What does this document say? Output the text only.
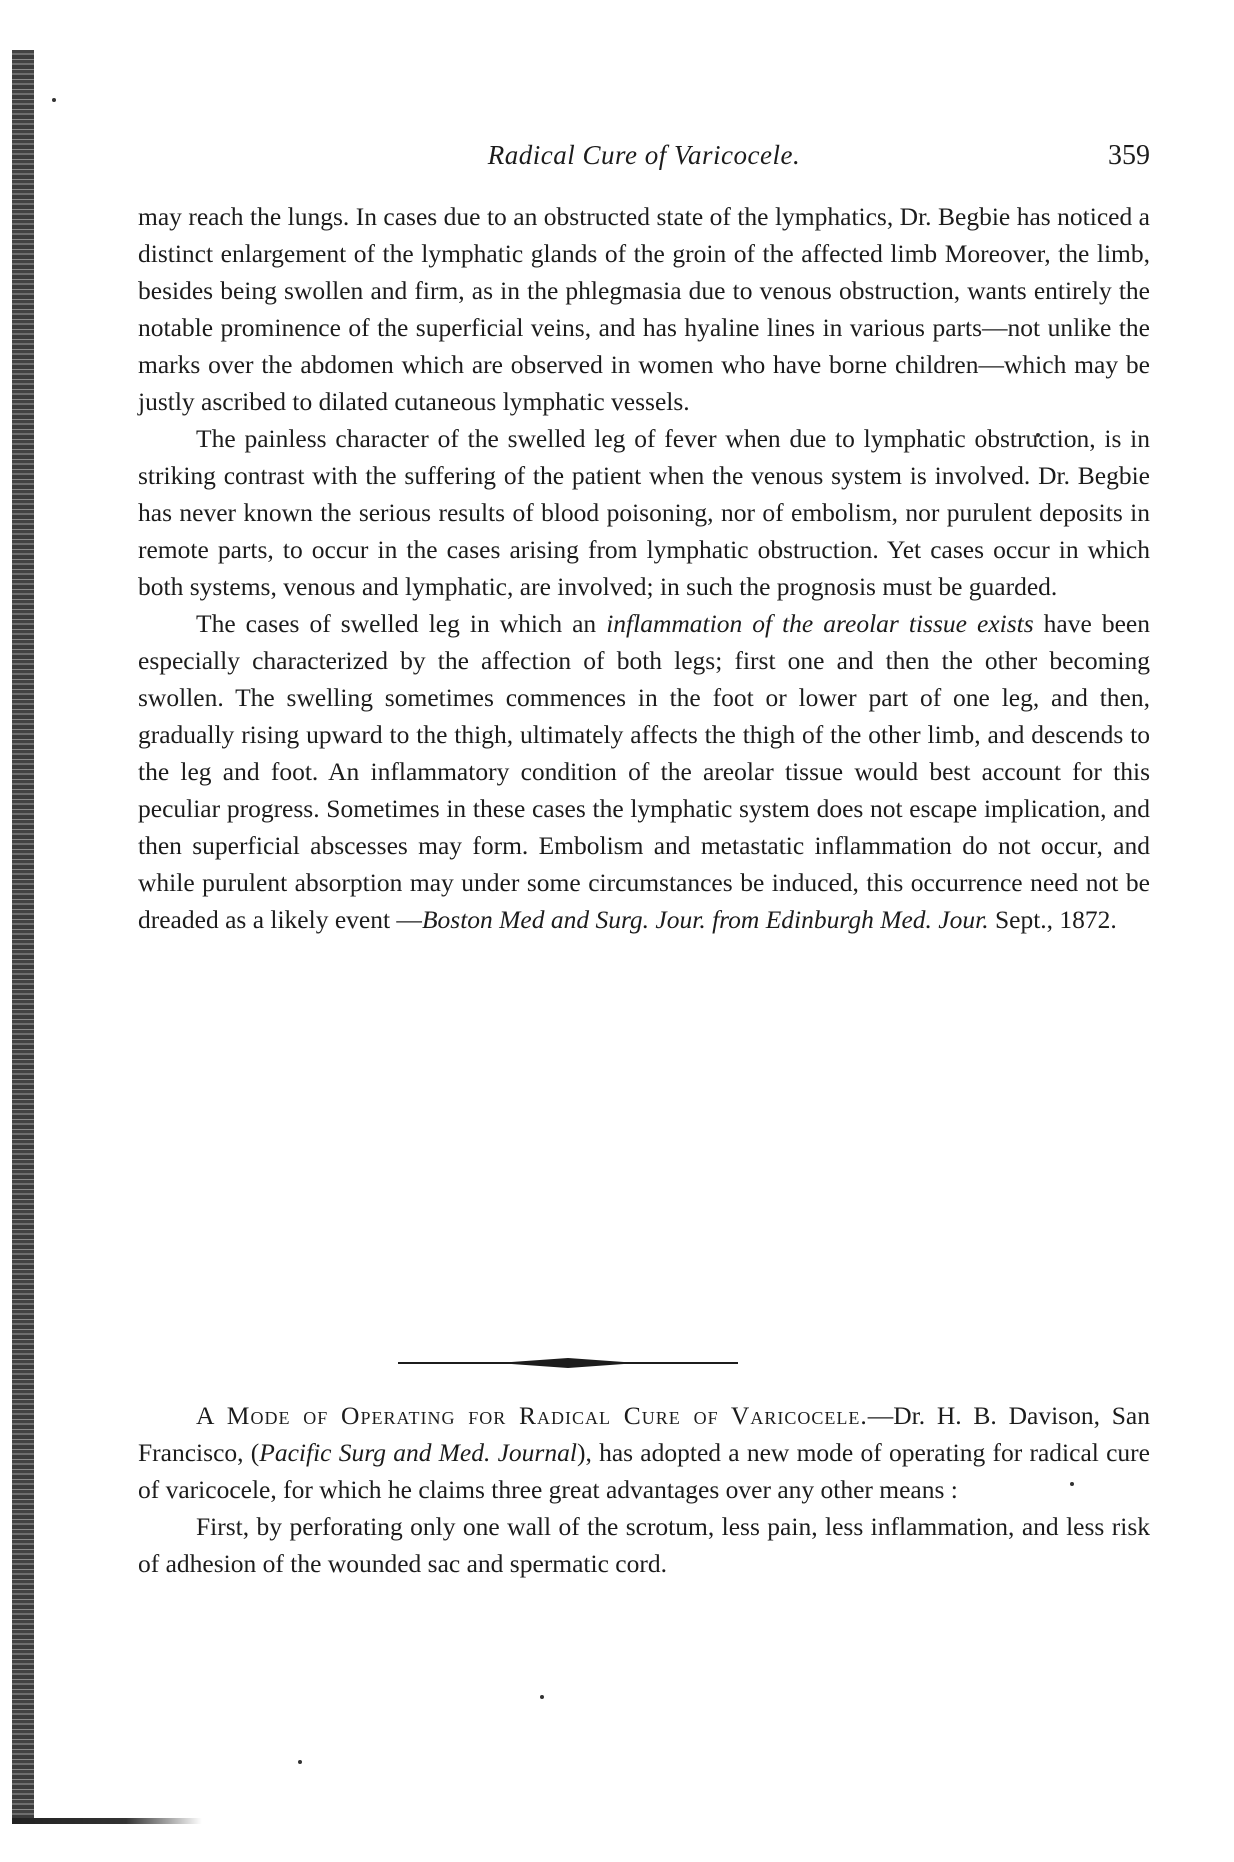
Radical Cure of Varicocele.	359

may reach the lungs. In cases due to an obstructed state of the lymphatics, Dr. Begbie has noticed a distinct enlargement of the lymphatic glands of the groin of the affected limb Moreover, the limb, besides being swollen and firm, as in the phlegmasia due to venous obstruction, wants entirely the notable prominence of the superficial veins, and has hyaline lines in various parts—not unlike the marks over the abdomen which are observed in women who have borne children—which may be justly ascribed to dilated cutaneous lymphatic vessels.

The painless character of the swelled leg of fever when due to lymphatic obstruction, is in striking contrast with the suffering of the patient when the venous system is involved. Dr. Begbie has never known the serious results of blood poisoning, nor of embolism, nor purulent deposits in remote parts, to occur in the cases arising from lymphatic obstruction. Yet cases occur in which both systems, venous and lymphatic, are involved; in such the prognosis must be guarded.

The cases of swelled leg in which an inflammation of the areolar tissue exists have been especially characterized by the affection of both legs; first one and then the other becoming swollen. The swelling sometimes commences in the foot or lower part of one leg, and then, gradually rising upward to the thigh, ultimately affects the thigh of the other limb, and descends to the leg and foot. An inflammatory condition of the areolar tissue would best account for this peculiar progress. Sometimes in these cases the lymphatic system does not escape implication, and then superficial abscesses may form. Embolism and metastatic inflammation do not occur, and while purulent absorption may under some circumstances be induced, this occurrence need not be dreaded as a likely event —Boston Med and Surg. Jour. from Edinburgh Med. Jour. Sept., 1872.

A Mode of Operating for Radical Cure of Varicocele.—Dr. H. B. Davison, San Francisco, (Pacific Surg and Med. Journal), has adopted a new mode of operating for radical cure of varicocele, for which he claims three great advantages over any other means :

First, by perforating only one wall of the scrotum, less pain, less inflammation, and less risk of adhesion of the wounded sac and spermatic cord.
